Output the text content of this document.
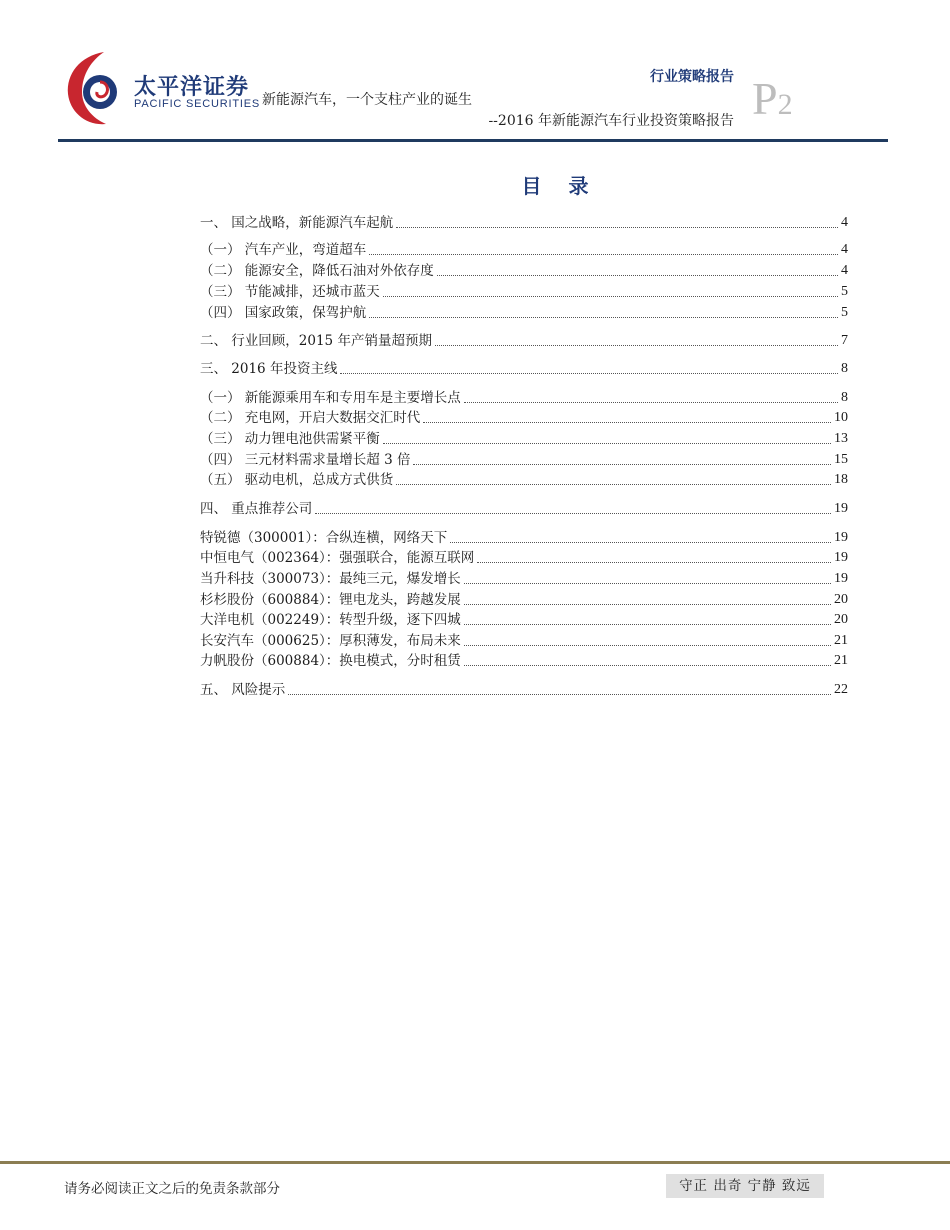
太平洋证券
PACIFIC SECURITIES 新能源汽车，一个支柱产业的诞生
行业策略报告
--2016 年新能源汽车行业投资策略报告 P2
目 录
一、 国之战略，新能源汽车起航	4
（一） 汽车产业，弯道超车	4
（二） 能源安全，降低石油对外依存度	4
（三） 节能减排，还城市蓝天	5
（四） 国家政策，保驾护航	5
二、 行业回顾，2015 年产销量超预期	7
三、 2016 年投资主线	8
（一） 新能源乘用车和专用车是主要增长点	8
（二） 充电网，开启大数据交汇时代	10
（三） 动力锂电池供需紧平衡	13
（四） 三元材料需求量增长超 3 倍	15
（五） 驱动电机，总成方式供货	18
四、 重点推荐公司	19
特锐德（300001）：合纵连横，网络天下	19
中恒电气（002364）：强强联合，能源互联网	19
当升科技（300073）：最纯三元，爆发增长	19
杉杉股份（600884）：锂电龙头，跨越发展	20
大洋电机（002249）：转型升级，逐下四城	20
长安汽车（000625）：厚积薄发，布局未来	21
力帆股份（600884）：换电模式，分时租赁	21
五、 风险提示	22
请务必阅读正文之后的免责条款部分	守正 出奇 宁静 致远
